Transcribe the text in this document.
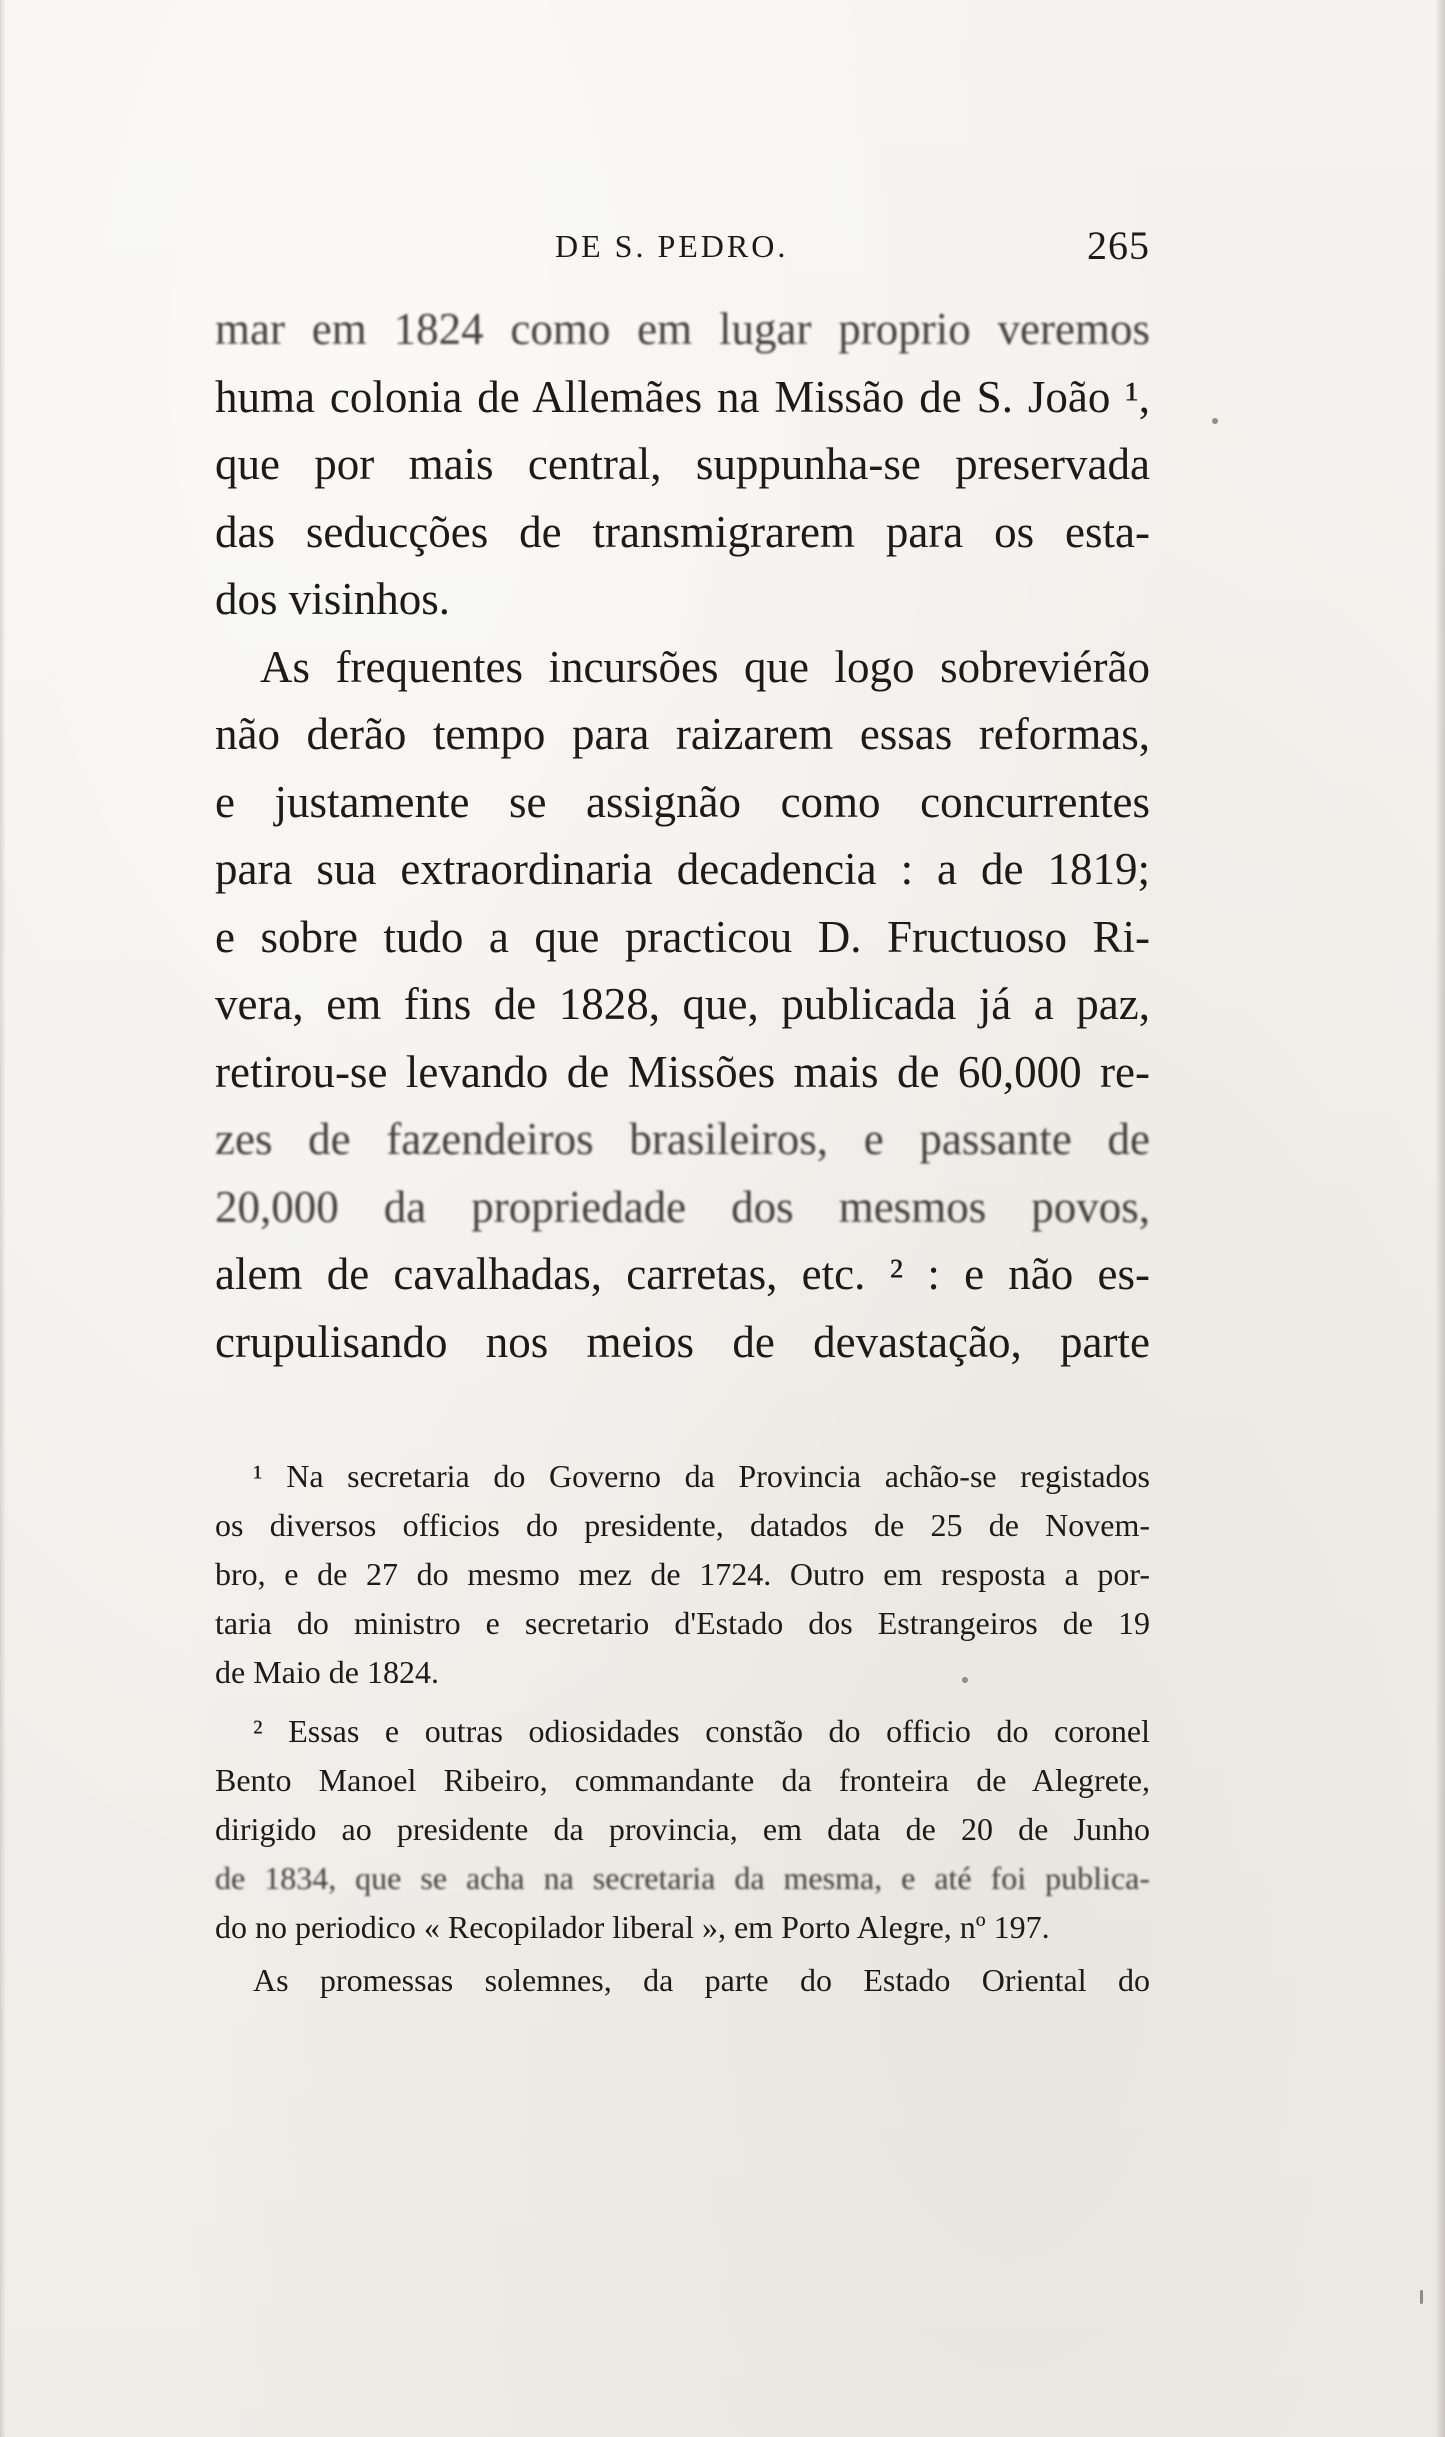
DE S. PEDRO.	265
mar em 1824 como em lugar proprio veremos
huma colonia de Allemães na Missão de S. João ¹,
que por mais central, suppunha-se preservada
das seducções de transmigrarem para os esta-
dos visinhos.
As frequentes incursões que logo sobreviérão
não derão tempo para raizarem essas reformas,
e justamente se assignão como concurrentes
para sua extraordinaria decadencia : a de 1819;
e sobre tudo a que practicou D. Fructuoso Ri-
vera, em fins de 1828, que, publicada já a paz,
retirou-se levando de Missões mais de 60,000 re-
zes de fazendeiros brasileiros, e passante de
20,000 da propriedade dos mesmos povos,
alem de cavalhadas, carretas, etc. ² : e não es-
crupulisando nos meios de devastação, parte
¹ Na secretaria do Governo da Provincia achão-se registados
os diversos officios do presidente, datados de 25 de Novem-
bro, e de 27 do mesmo mez de 1724. Outro em resposta a por-
taria do ministro e secretario d'Estado dos Estrangeiros de 19
de Maio de 1824.
² Essas e outras odiosidades constão do officio do coronel
Bento Manoel Ribeiro, commandante da fronteira de Alegrete,
dirigido ao presidente da provincia, em data de 20 de Junho
de 1834, que se acha na secretaria da mesma, e até foi publica-
do no periodico « Recopilador liberal », em Porto Alegre, nº 197.
As promessas solemnes, da parte do Estado Oriental do
